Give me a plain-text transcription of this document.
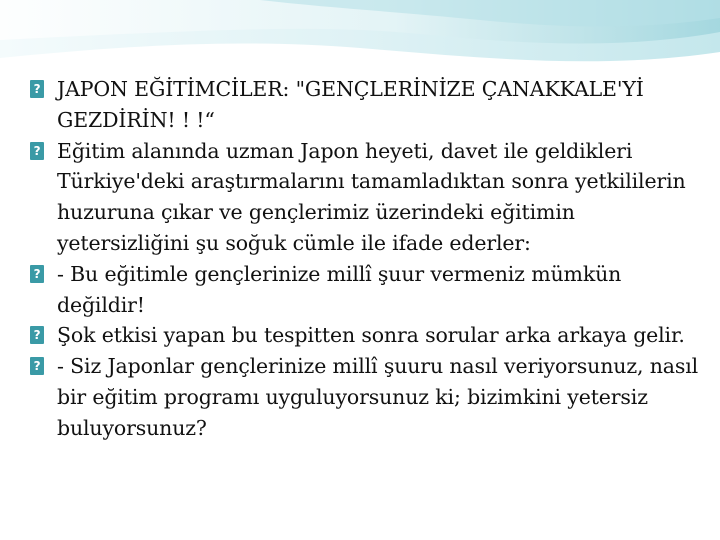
? JAPON EĞİTİMCİLER: "GENÇLERİNİZE ÇANAKKALE'Yİ GEZDİRİN! ! !“
? Eğitim alanında uzman Japon heyeti, davet ile geldikleri Türkiye'deki araştırmalarını tamamladıktan sonra yetkililerin huzuruna çıkar ve gençlerimiz üzerindeki eğitimin yetersizliğini şu soğuk cümle ile ifade ederler:
? - Bu eğitimle gençlerinize millî şuur vermeniz mümkün değildir!
? Şok etkisi yapan bu tespitten sonra sorular arka arkaya gelir.
? - Siz Japonlar gençlerinize millî şuuru nasıl veriyorsunuz, nasıl bir eğitim programı uyguluyorsunuz ki; bizimkini yetersiz buluyorsunuz?
